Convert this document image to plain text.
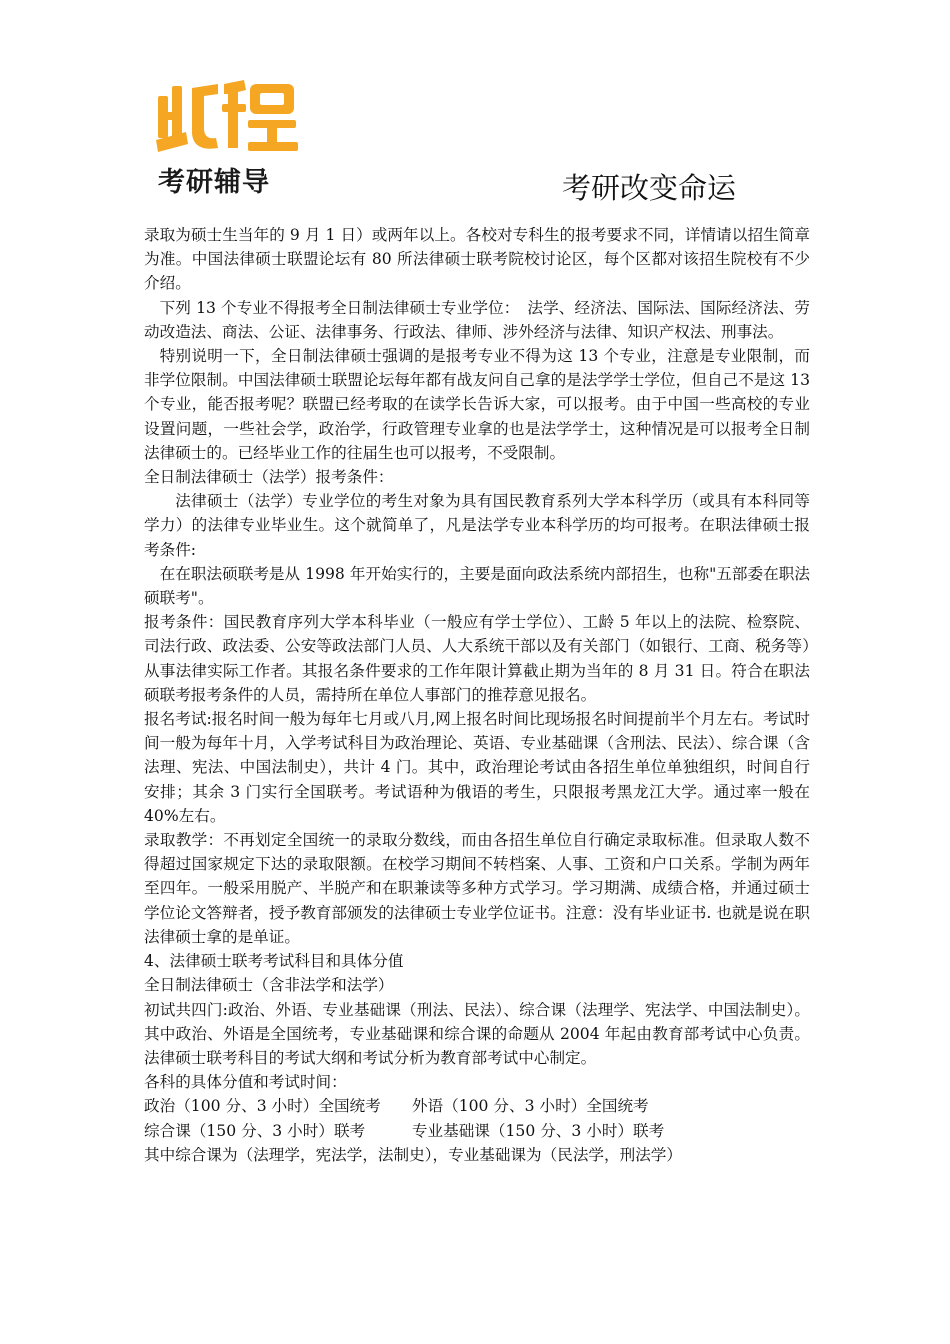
考研辅导	考研改变命运

录取为硕士生当年的 9 月 1 日）或两年以上。各校对专科生的报考要求不同，详情请以招生简章为准。中国法律硕士联盟论坛有 80 所法律硕士联考院校讨论区，每个区都对该招生院校有不少介绍。

下列 13 个专业不得报考全日制法律硕士专业学位：　法学、经济法、国际法、国际经济法、劳动改造法、商法、公证、法律事务、行政法、律师、涉外经济与法律、知识产权法、刑事法。

特别说明一下，全日制法律硕士强调的是报考专业不得为这 13 个专业，注意是专业限制，而非学位限制。中国法律硕士联盟论坛每年都有战友问自己拿的是法学学士学位，但自己不是这 13 个专业，能否报考呢？联盟已经考取的在读学长告诉大家，可以报考。由于中国一些高校的专业设置问题，一些社会学，政治学，行政管理专业拿的也是法学学士，这种情况是可以报考全日制法律硕士的。已经毕业工作的往届生也可以报考，不受限制。

全日制法律硕士（法学）报考条件：

法律硕士（法学）专业学位的考生对象为具有国民教育系列大学本科学历（或具有本科同等学力）的法律专业毕业生。这个就简单了，凡是法学专业本科学历的均可报考。在职法律硕士报考条件:

在在职法硕联考是从 1998 年开始实行的，主要是面向政法系统内部招生，也称"五部委在职法硕联考"。

报考条件：国民教育序列大学本科毕业（一般应有学士学位）、工龄 5 年以上的法院、检察院、司法行政、政法委、公安等政法部门人员、人大系统干部以及有关部门（如银行、工商、税务等）从事法律实际工作者。其报名条件要求的工作年限计算截止期为当年的 8 月 31 日。符合在职法硕联考报考条件的人员，需持所在单位人事部门的推荐意见报名。

报名考试:报名时间一般为每年七月或八月,网上报名时间比现场报名时间提前半个月左右。考试时间一般为每年十月，入学考试科目为政治理论、英语、专业基础课（含刑法、民法）、综合课（含法理、宪法、中国法制史），共计 4 门。其中，政治理论考试由各招生单位单独组织，时间自行安排；其余 3 门实行全国联考。考试语种为俄语的考生，只限报考黑龙江大学。通过率一般在 40%左右。

录取教学：不再划定全国统一的录取分数线，而由各招生单位自行确定录取标准。但录取人数不得超过国家规定下达的录取限额。在校学习期间不转档案、人事、工资和户口关系。学制为两年至四年。一般采用脱产、半脱产和在职兼读等多种方式学习。学习期满、成绩合格，并通过硕士学位论文答辩者，授予教育部颁发的法律硕士专业学位证书。注意：没有毕业证书. 也就是说在职法律硕士拿的是单证。

4、法律硕士联考考试科目和具体分值

全日制法律硕士（含非法学和法学）

初试共四门:政治、外语、专业基础课（刑法、民法）、综合课（法理学、宪法学、中国法制史）。其中政治、外语是全国统考，专业基础课和综合课的命题从 2004 年起由教育部考试中心负责。法律硕士联考科目的考试大纲和考试分析为教育部考试中心制定。

各科的具体分值和考试时间：

政治（100 分、3 小时）全国统考　　外语（100 分、3 小时）全国统考

综合课（150 分、3 小时）联考　　　专业基础课（150 分、3 小时）联考

其中综合课为（法理学，宪法学，法制史），专业基础课为（民法学，刑法学）
